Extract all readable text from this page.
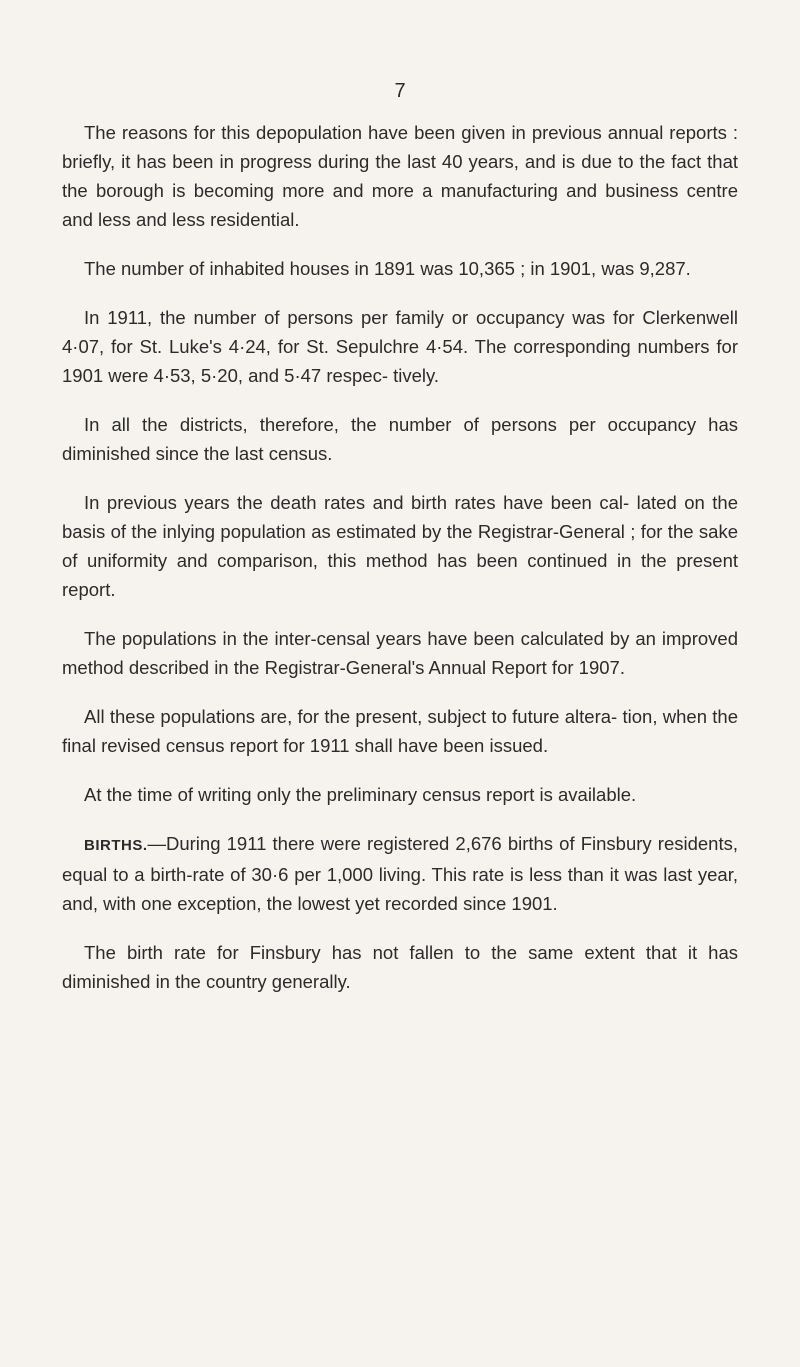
7

The reasons for this depopulation have been given in previous annual reports : briefly, it has been in progress during the last 40 years, and is due to the fact that the borough is becoming more and more a manufacturing and business centre and less and less residential.

The number of inhabited houses in 1891 was 10,365 ; in 1901, was 9,287.

In 1911, the number of persons per family or occupancy was for Clerkenwell 4·07, for St. Luke's 4·24, for St. Sepulchre 4·54. The corresponding numbers for 1901 were 4·53, 5·20, and 5·47 respec- tively.

In all the districts, therefore, the number of persons per occupancy has diminished since the last census.

In previous years the death rates and birth rates have been cal- lated on the basis of the inlying population as estimated by the Registrar-General ; for the sake of uniformity and comparison, this method has been continued in the present report.

The populations in the inter-censal years have been calculated by an improved method described in the Registrar-General's Annual Report for 1907.

All these populations are, for the present, subject to future altera- tion, when the final revised census report for 1911 shall have been issued.

At the time of writing only the preliminary census report is available.

BIRTHS.—During 1911 there were registered 2,676 births of Finsbury residents, equal to a birth-rate of 30·6 per 1,000 living. This rate is less than it was last year, and, with one exception, the lowest yet recorded since 1901.

The birth rate for Finsbury has not fallen to the same extent that it has diminished in the country generally.
